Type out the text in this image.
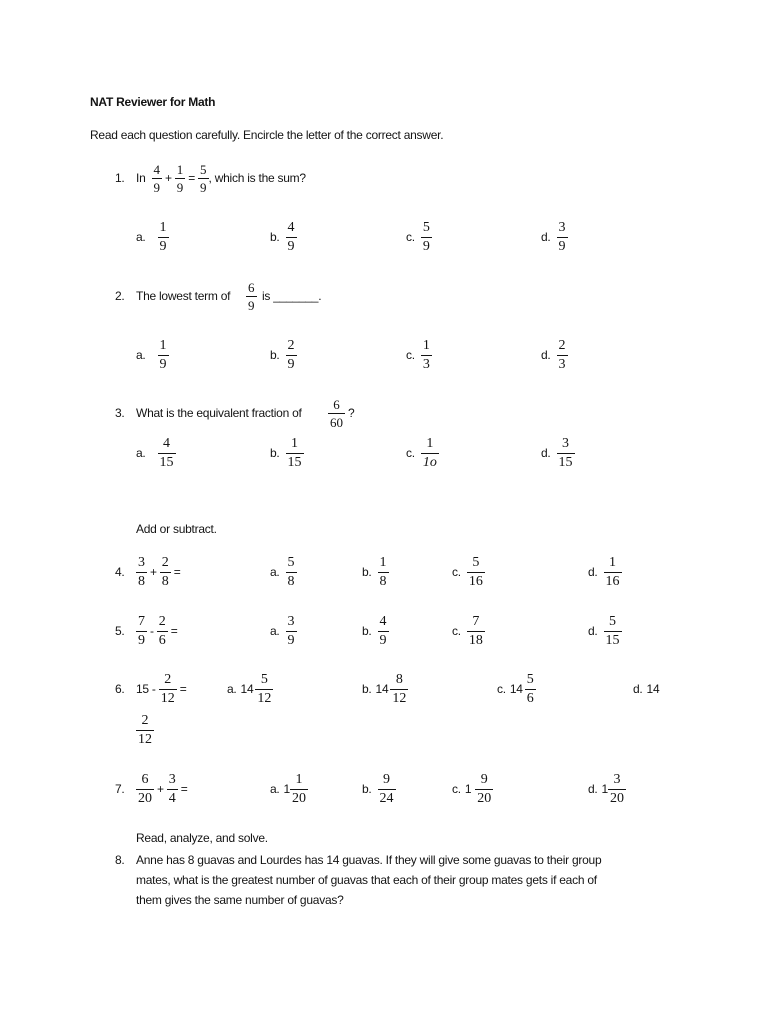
NAT Reviewer for Math
Read each question carefully. Encircle the letter of the correct answer.
1. In $\frac{4}{9} + \frac{1}{9} = \frac{5}{9}$ , which is the sum?
a. $\frac{1}{9}$	b. $\frac{4}{9}$	c. $\frac{5}{9}$	d. $\frac{3}{9}$
2. The lowest term of $\frac{6}{9}$ is _______.
a. $\frac{1}{9}$	b. $\frac{2}{9}$	c. $\frac{1}{3}$	d. $\frac{2}{3}$
3. What is the equivalent fraction of $\frac{6}{60}$ ?
a. $\frac{4}{15}$	b. $\frac{1}{15}$	c. $\frac{1}{1o}$	d. $\frac{3}{15}$
Add or subtract.
4. $\frac{3}{8} + \frac{2}{8}$ =	a. $\frac{5}{8}$	b. $\frac{1}{8}$	c. $\frac{5}{16}$	d. $\frac{1}{16}$
5. $\frac{7}{9} - \frac{2}{6}$ =	a. $\frac{3}{9}$	b. $\frac{4}{9}$	c. $\frac{7}{18}$	d. $\frac{5}{15}$
6. $15 - \frac{2}{12}$ =	a. $14 \frac{5}{12}$	b. $14 \frac{8}{12}$	c. $14 \frac{5}{6}$	d. 14
$\frac{2}{12}$
7. $\frac{6}{20} + \frac{3}{4}$ =	a. $1 \frac{1}{20}$	b. $\frac{9}{24}$	c. $1 \frac{9}{20}$	d. $1 \frac{3}{20}$
Read, analyze, and solve.
8. Anne has 8 guavas and Lourdes has 14 guavas. If they will give some guavas to their group
mates, what is the greatest number of guavas that each of their group mates gets if each of
them gives the same number of guavas?
